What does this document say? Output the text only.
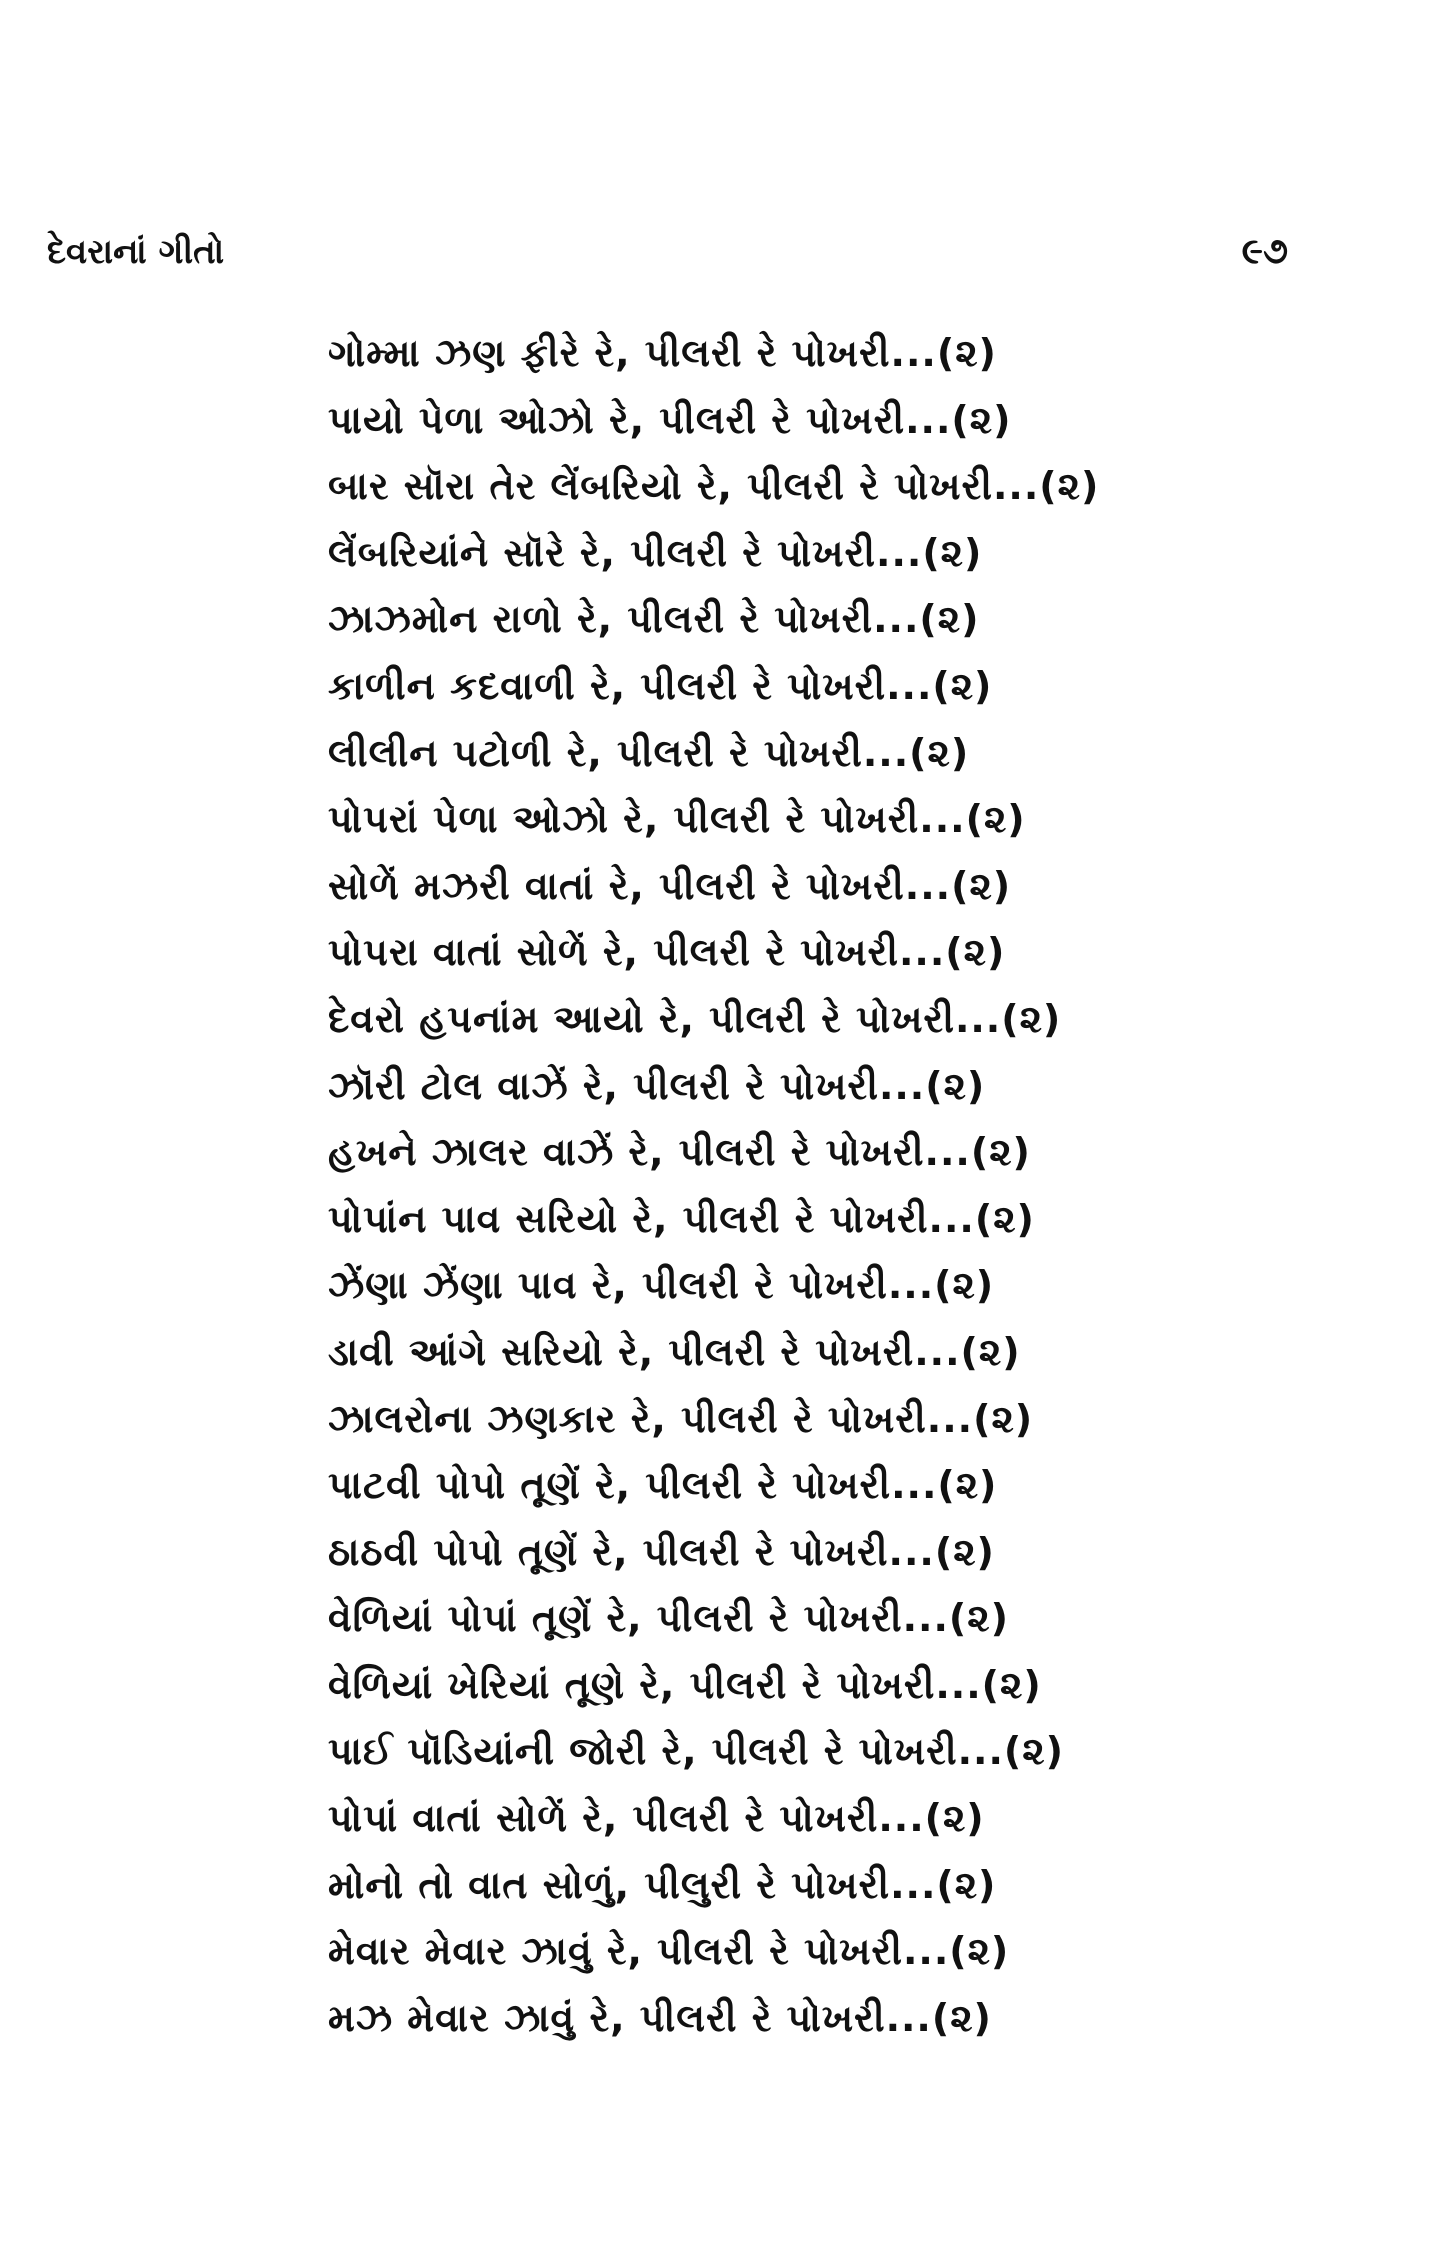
દેવરાનાં ગીતો	૯૭
ગોમ્મા ઝણ ફીરે રે, પીલરી રે પોખરી...(૨)
પાયો પેળા ઓઝો રે, પીલરી રે પોખરી...(૨)
બાર સૉરા તેર લેંબરિયો રે, પીલરી રે પોખરી...(૨)
લેંબરિયાંને સૉરે રે, પીલરી રે પોખરી...(૨)
ઝાઝમોન રાળો રે, પીલરી રે પોખરી...(૨)
કાળીન કદવાળી રે, પીલરી રે પોખરી...(૨)
લીલીન પટોળી રે, પીલરી રે પોખરી...(૨)
પોપરાં પેળા ઓઝો રે, પીલરી રે પોખરી...(૨)
સોળેં મઝરી વાતાં રે, પીલરી રે પોખરી...(૨)
પોપરા વાતાં સોળેં રે, પીલરી રે પોખરી...(૨)
દેવરો હપનાંમ આયો રે, પીલરી રે પોખરી...(૨)
ઝૉરી ટોલ વાઝેં રે, પીલરી રે પોખરી...(૨)
હખને ઝાલર વાઝેં રે, પીલરી રે પોખરી...(૨)
પોપાંન પાવ સરિયો રે, પીલરી રે પોખરી...(૨)
ઝેંણા ઝેંણા પાવ રે, પીલરી રે પોખરી...(૨)
ડાવી આંગે સરિયો રે, પીલરી રે પોખરી...(૨)
ઝાલરોના ઝણકાર રે, પીલરી રે પોખરી...(૨)
પાટવી પોપો તૂણેં રે, પીલરી રે પોખરી...(૨)
ઠાઠવી પોપો તૂણેં રે, પીલરી રે પોખરી...(૨)
વેળિયાં પોપાં તૂણેં રે, પીલરી રે પોખરી...(૨)
વેળિયાં ખેરિયાં તૂણે રે, પીલરી રે પોખરી...(૨)
પાઈ પૉડિયાંની જોરી રે, પીલરી રે પોખરી...(૨)
પોપાં વાતાં સોળેં રે, પીલરી રે પોખરી...(૨)
મોનો તો વાત સોળું, પીલુરી રે પોખરી...(૨)
મેવાર મેવાર ઝાવું રે, પીલરી રે પોખરી...(૨)
મઝ મેવાર ઝાવું રે, પીલરી રે પોખરી...(૨)
